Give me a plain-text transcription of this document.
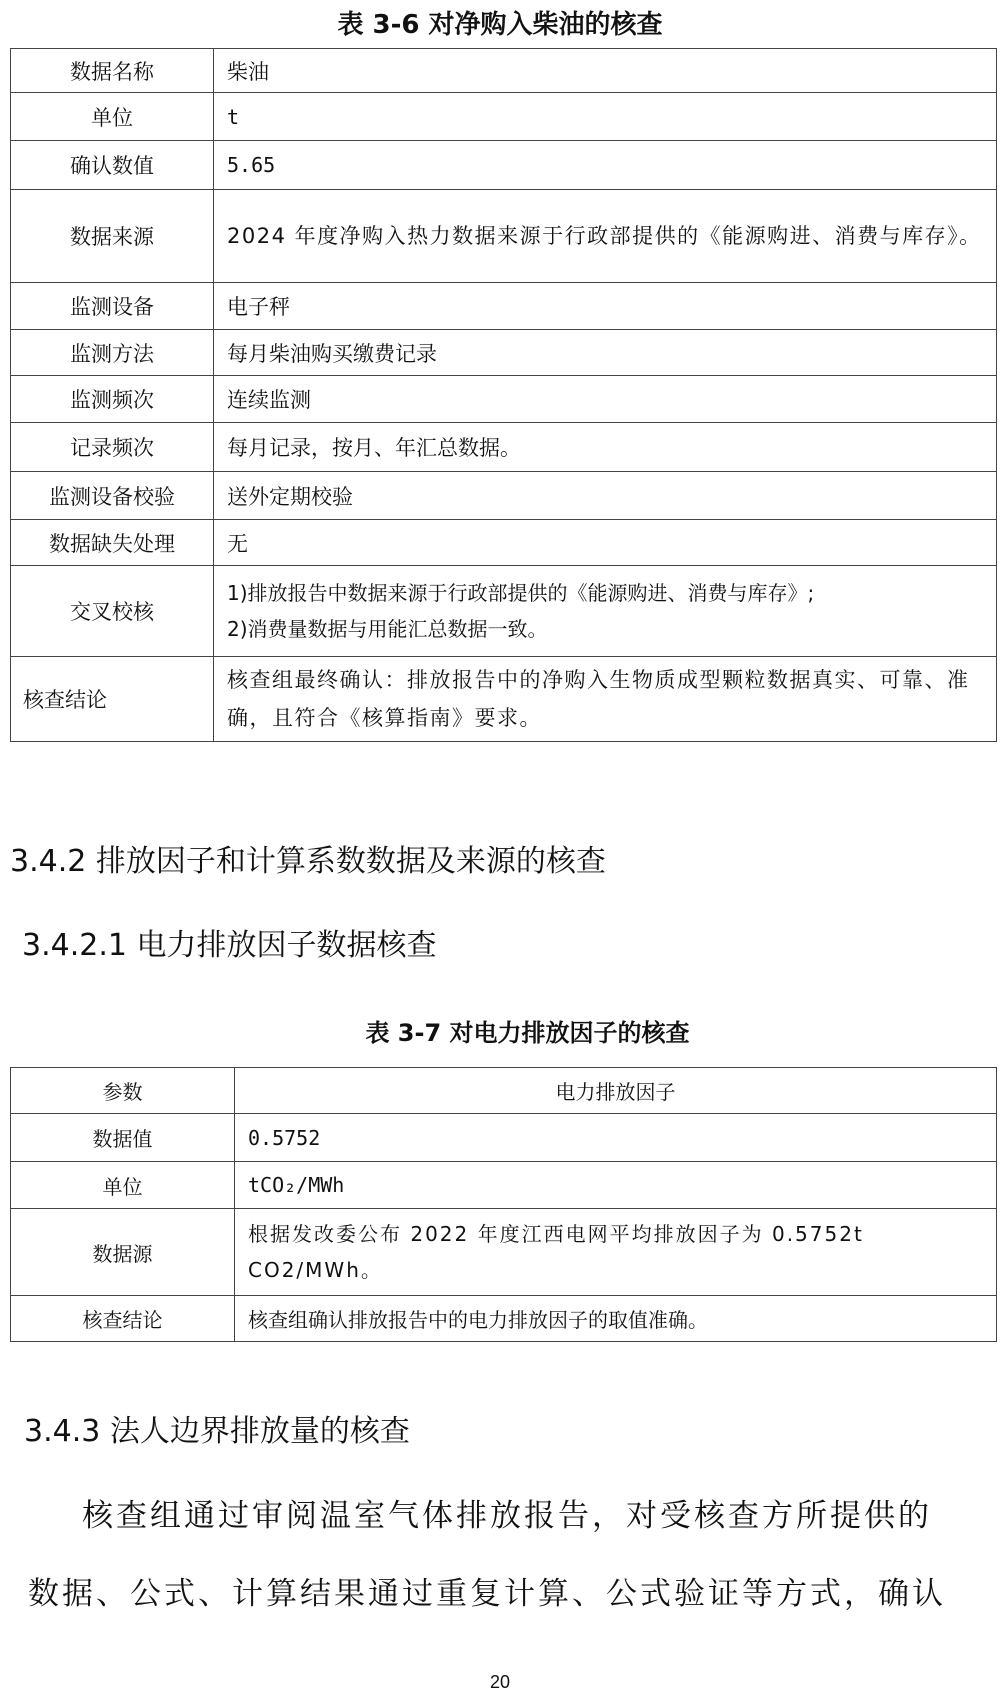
表 3-6 对净购入柴油的核查
数据名称	柴油
单位	t
确认数值	5.65
数据来源	2024 年度净购入热力数据来源于行政部提供的《能源购进、消费与库存》。
监测设备	电子秤
监测方法	每月柴油购买缴费记录
监测频次	连续监测
记录频次	每月记录，按月、年汇总数据。
监测设备校验	送外定期校验
数据缺失处理	无
交叉校核	1)排放报告中数据来源于行政部提供的《能源购进、消费与库存》;
2)消费量数据与用能汇总数据一致。

核查结论	核查组最终确认：排放报告中的净购入生物质成型颗粒数据真实、可靠、准确，且符合《核算指南》要求。
3.4.2 排放因子和计算系数数据及来源的核查
3.4.2.1 电力排放因子数据核查
表 3-7 对电力排放因子的核查
参数	电力排放因子
数据值	0.5752
单位	tCO₂/MWh
数据源	根据发改委公布 2022 年度江西电网平均排放因子为 0.5752t CO2/MWh。
核查结论	核查组确认排放报告中的电力排放因子的取值准确。
3.4.3 法人边界排放量的核查
核查组通过审阅温室气体排放报告，对受核查方所提供的
数据、公式、计算结果通过重复计算、公式验证等方式，确认
20
